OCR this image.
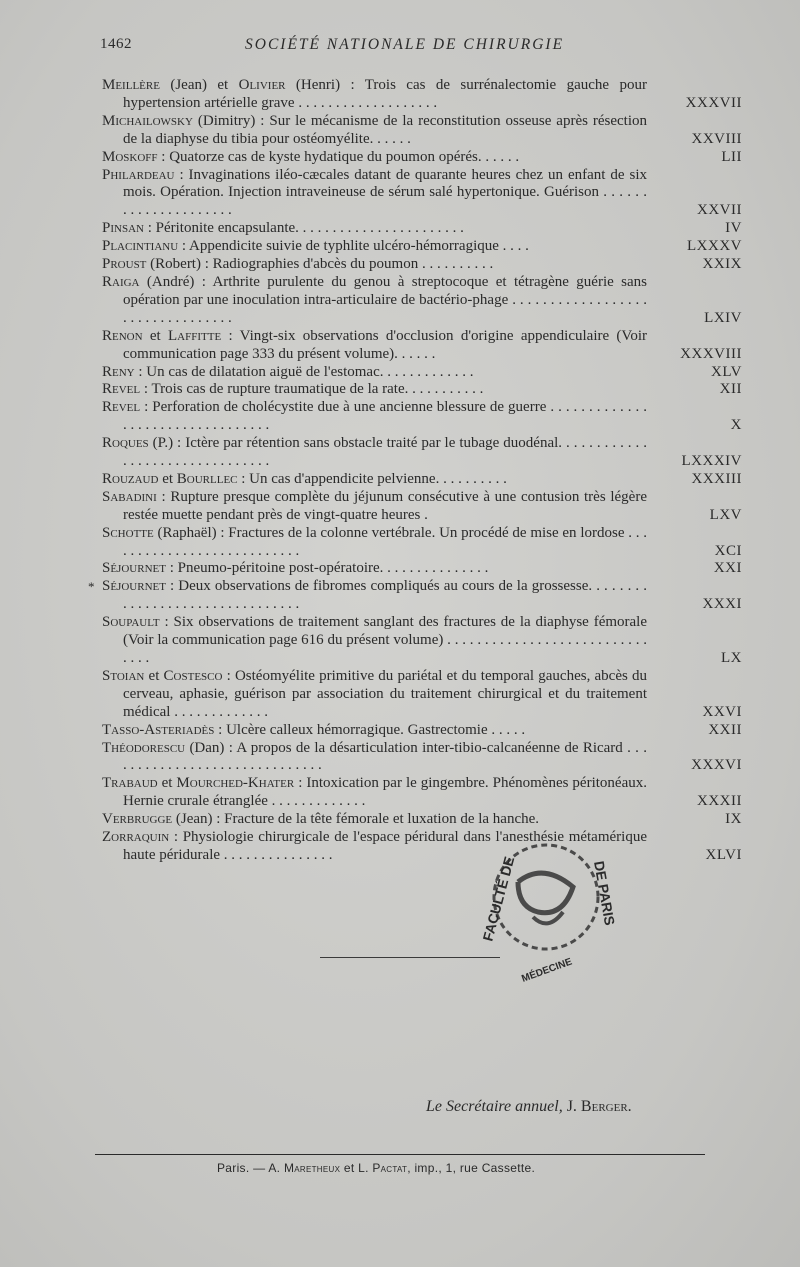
1462	SOCIÉTÉ NATIONALE DE CHIRURGIE
Meillère (Jean) et Olivier (Henri) : Trois cas de surrénalectomie gauche pour hypertension artérielle grave . . . . . . . . . . . . . . . . . . .	XXXVII
Michailowsky (Dimitry) : Sur le mécanisme de la reconstitution osseuse après résection de la diaphyse du tibia pour ostéomyélite. . . . . .	XXVIII
Moskoff : Quatorze cas de kyste hydatique du poumon opérés. . . . . .	LII
Philardeau : Invaginations iléo-cæcales datant de quarante heures chez un enfant de six mois. Opération. Injection intraveineuse de sérum salé hypertonique. Guérison . . . . . . . . . . . . . . . . . . . . .	XXVII
Pinsan : Péritonite encapsulante. . . . . . . . . . . . . . . . . . . . . . .	IV
Placintianu : Appendicite suivie de typhlite ulcéro-hémorragique . . . .	LXXXV
Proust (Robert) : Radiographies d'abcès du poumon . . . . . . . . . .	XXIX
Raiga (André) : Arthrite purulente du genou à streptocoque et tétragène guérie sans opération par une inoculation intra-articulaire de bactério-phage . . . . . . . . . . . . . . . . . . . . . . . . . . . . . . . . .	LXIV
Renon et Laffitte : Vingt-six observations d'occlusion d'origine appendiculaire (Voir communication page 333 du présent volume). . . . . .	XXXVIII
Reny : Un cas de dilatation aiguë de l'estomac. . . . . . . . . . . . .	XLV
Revel : Trois cas de rupture traumatique de la rate. . . . . . . . . . .	XII
Revel : Perforation de cholécystite due à une ancienne blessure de guerre . . . . . . . . . . . . . . . . . . . . . . . . . . . . . . . . .	X
Roques (P.) : Ictère par rétention sans obstacle traité par le tubage duodénal. . . . . . . . . . . . . . . . . . . . . . . . . . . . . . . .	LXXXIV
Rouzaud et Bourllec : Un cas d'appendicite pelvienne. . . . . . . . . .	XXXIII
Sabadini : Rupture presque complète du jéjunum consécutive à une contusion très légère restée muette pendant près de vingt-quatre heures .	LXV
Schotte (Raphaël) : Fractures de la colonne vertébrale. Un procédé de mise en lordose . . . . . . . . . . . . . . . . . . . . . . . . . . .	XCI
Séjournet : Pneumo-péritoine post-opératoire. . . . . . . . . . . . . . .	XXI
* Séjournet : Deux observations de fibromes compliqués au cours de la grossesse. . . . . . . . . . . . . . . . . . . . . . . . . . . . . . . .	XXXI
Soupault : Six observations de traitement sanglant des fractures de la diaphyse fémorale (Voir la communication page 616 du présent volume) . . . . . . . . . . . . . . . . . . . . . . . . . . . . . . .	LX
Stoian et Costesco : Ostéomyélite primitive du pariétal et du temporal gauches, abcès du cerveau, aphasie, guérison par association du traitement chirurgical et du traitement médical . . . . . . . . . . . . .	XXVI
Tasso-Asteriadès : Ulcère calleux hémorragique. Gastrectomie . . . . .	XXII
Théodorescu (Dan) : A propos de la désarticulation inter-tibio-calcanéenne de Ricard . . . . . . . . . . . . . . . . . . . . . . . . . . . . . .	XXXVI
Trabaud et Mourched-Khater : Intoxication par le gingembre. Phénomènes péritonéaux. Hernie crurale étranglée . . . . . . . . . . . . .	XXXII
Verbrugge (Jean) : Fracture de la tête fémorale et luxation de la hanche.	IX
Zorraquin : Physiologie chirurgicale de l'espace péridural dans l'anesthésie métamérique haute péridurale . . . . . . . . . . . . . . .	XLVI
FACULTÉ DE	DE PARIS
MÉDECINE
Le Secrétaire annuel, J. Berger.
Paris. — A. Maretheux et L. Pactat, imp., 1, rue Cassette.
